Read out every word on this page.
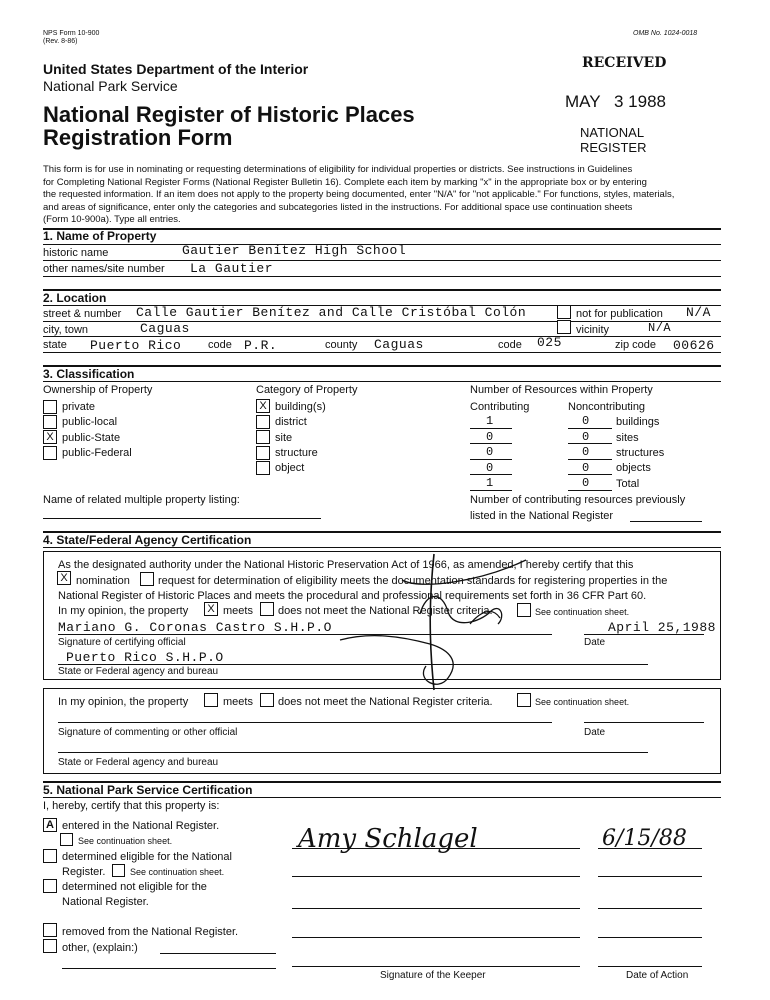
NPS Form 10-900
(Rev. 8-86)
OMB No. 1024-0018
United States Department of the Interior
National Park Service
National Register of Historic Places
Registration Form
RECEIVED
MAY 3 1988
NATIONAL
REGISTER
This form is for use in nominating or requesting determinations of eligibility for individual properties or districts. See instructions in Guidelines
for Completing National Register Forms (National Register Bulletin 16). Complete each item by marking "x" in the appropriate box or by entering
the requested information. If an item does not apply to the property being documented, enter "N/A" for "not applicable." For functions, styles, materials,
and areas of significance, enter only the categories and subcategories listed in the instructions. For additional space use continuation sheets
(Form 10-900a). Type all entries.
1. Name of Property
historic name	Gautier Benítez High School
other names/site number La Gautier
2. Location
street & number Calle Gautier Benítez and Calle Cristóbal Colón	not for publication N/A
city, town	Caguas	vicinity	N/A
state Puerto Rico code P.R.	county Caguas	code 025	zip code 00626
3. Classification
Ownership of Property	Category of Property	Number of Resources within Property
private
public-local
X public-State
public-Federal
X building(s)
district
site
structure
object
Contributing	Noncontributing
1	0 buildings
0	0 sites
0	0 structures
0	0 objects
1	0 Total
Name of related multiple property listing:	Number of contributing resources previously
listed in the National Register
4. State/Federal Agency Certification
As the designated authority under the National Historic Preservation Act of 1966, as amended, I hereby certify that this
X nomination	request for determination of eligibility meets the documentation standards for registering properties in the
National Register of Historic Places and meets the procedural and professional requirements set forth in 36 CFR Part 60.
In my opinion, the property	X meets does not meet the National Register criteria.	See continuation sheet.
Mariano G. Coronas Castro S.H.P.O	April 25,1988
Signature of certifying official	Date
Puerto Rico S.H.P.O
State or Federal agency and bureau
In my opinion, the property	meets does not meet the National Register criteria.	See continuation sheet.
Signature of commenting or other official	Date
State or Federal agency and bureau
5. National Park Service Certification
I, hereby, certify that this property is:
A entered in the National Register.
See continuation sheet.
determined eligible for the National
Register.	See continuation sheet.
determined not eligible for the
National Register.
removed from the National Register.
other, (explain:)
Amy Schlagel	6/15/88
Signature of the Keeper	Date of Action
